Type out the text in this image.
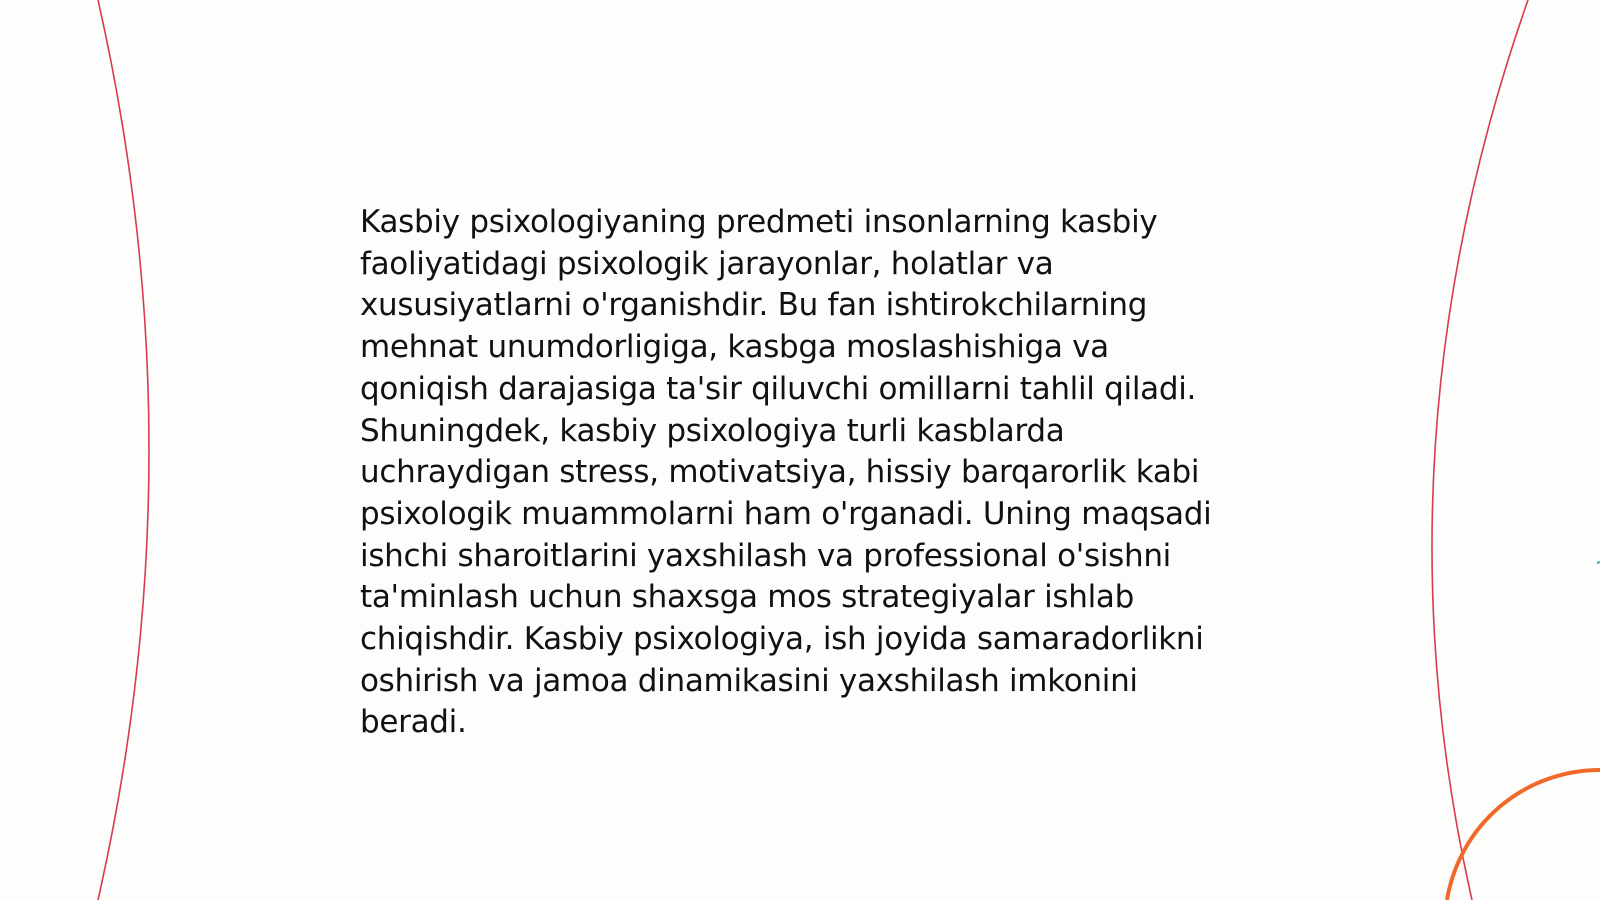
Kasbiy psixologiyaning predmeti insonlarning kasbiy faoliyatidagi psixologik jarayonlar, holatlar va xususiyatlarni o'rganishdir. Bu fan ishtirokchilarning mehnat unumdorligiga, kasbga moslashishiga va qoniqish darajasiga ta'sir qiluvchi omillarni tahlil qiladi. Shuningdek, kasbiy psixologiya turli kasblarda uchraydigan stress, motivatsiya, hissiy barqarorlik kabi psixologik muammolarni ham o'rganadi. Uning maqsadi ishchi sharoitlarini yaxshilash va professional o'sishni ta'minlash uchun shaxsga mos strategiyalar ishlab chiqishdir. Kasbiy psixologiya, ish joyida samaradorlikni oshirish va jamoa dinamikasini yaxshilash imkonini beradi.
